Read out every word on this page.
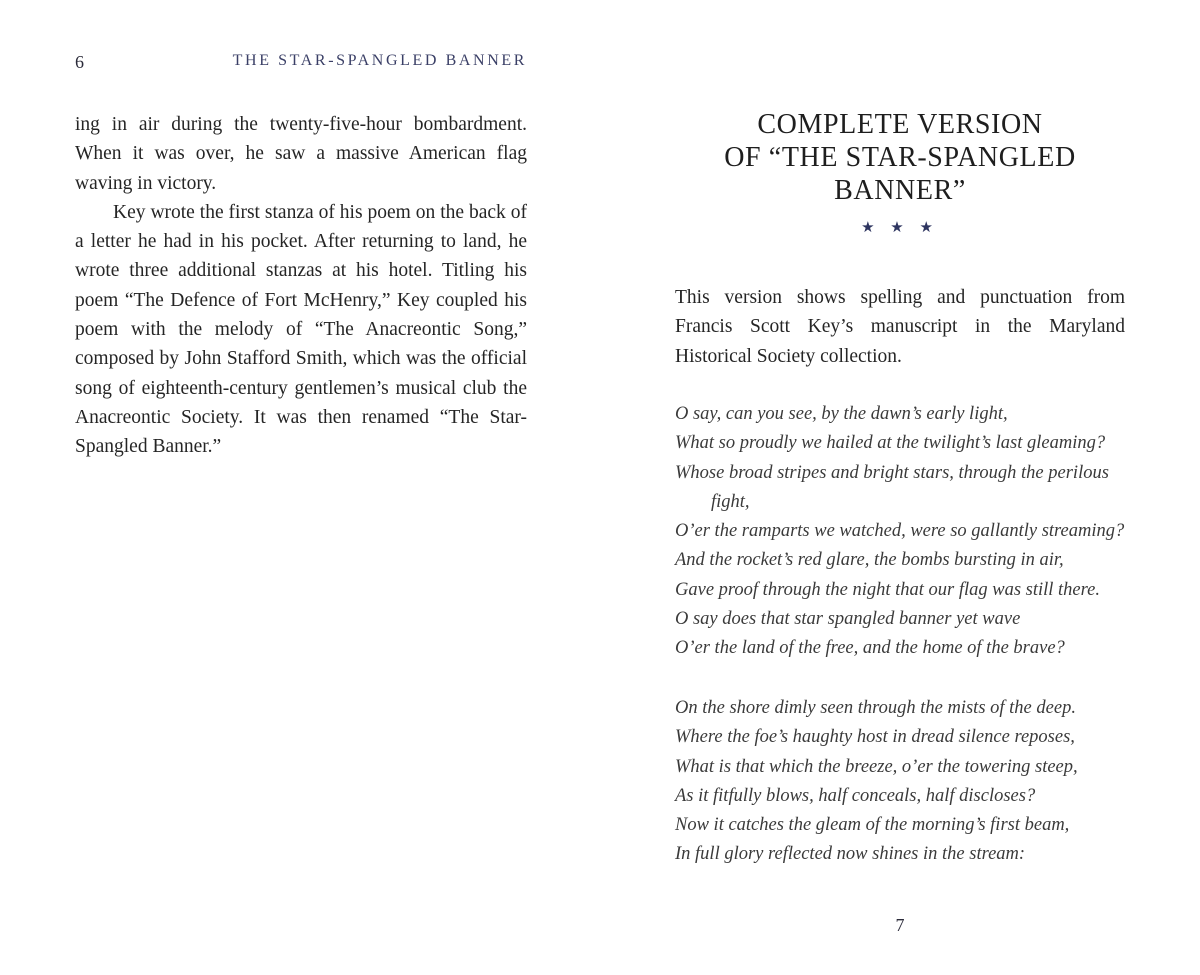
6	THE STAR-SPANGLED BANNER

ing in air during the twenty-five-hour bombardment. When it was over, he saw a massive American flag waving in victory.

Key wrote the first stanza of his poem on the back of a letter he had in his pocket. After returning to land, he wrote three additional stanzas at his hotel. Titling his poem “The Defence of Fort McHenry,” Key coupled his poem with the melody of “The Anacreontic Song,” composed by John Stafford Smith, which was the official song of eighteenth-century gentlemen’s musical club the Anacreontic Society. It was then renamed “The Star-Spangled Banner.”

COMPLETE VERSION
OF “THE STAR-SPANGLED
BANNER”
★ ★ ★

This version shows spelling and punctuation from Francis Scott Key’s manuscript in the Maryland Historical Society collection.

O say, can you see, by the dawn’s early light,
What so proudly we hailed at the twilight’s last gleaming?
Whose broad stripes and bright stars, through the perilous
fight,
O’er the ramparts we watched, were so gallantly streaming?
And the rocket’s red glare, the bombs bursting in air,
Gave proof through the night that our flag was still there.
O say does that star spangled banner yet wave
O’er the land of the free, and the home of the brave?
On the shore dimly seen through the mists of the deep.
Where the foe’s haughty host in dread silence reposes,
What is that which the breeze, o’er the towering steep,
As it fitfully blows, half conceals, half discloses?
Now it catches the gleam of the morning’s first beam,
In full glory reflected now shines in the stream:
7
